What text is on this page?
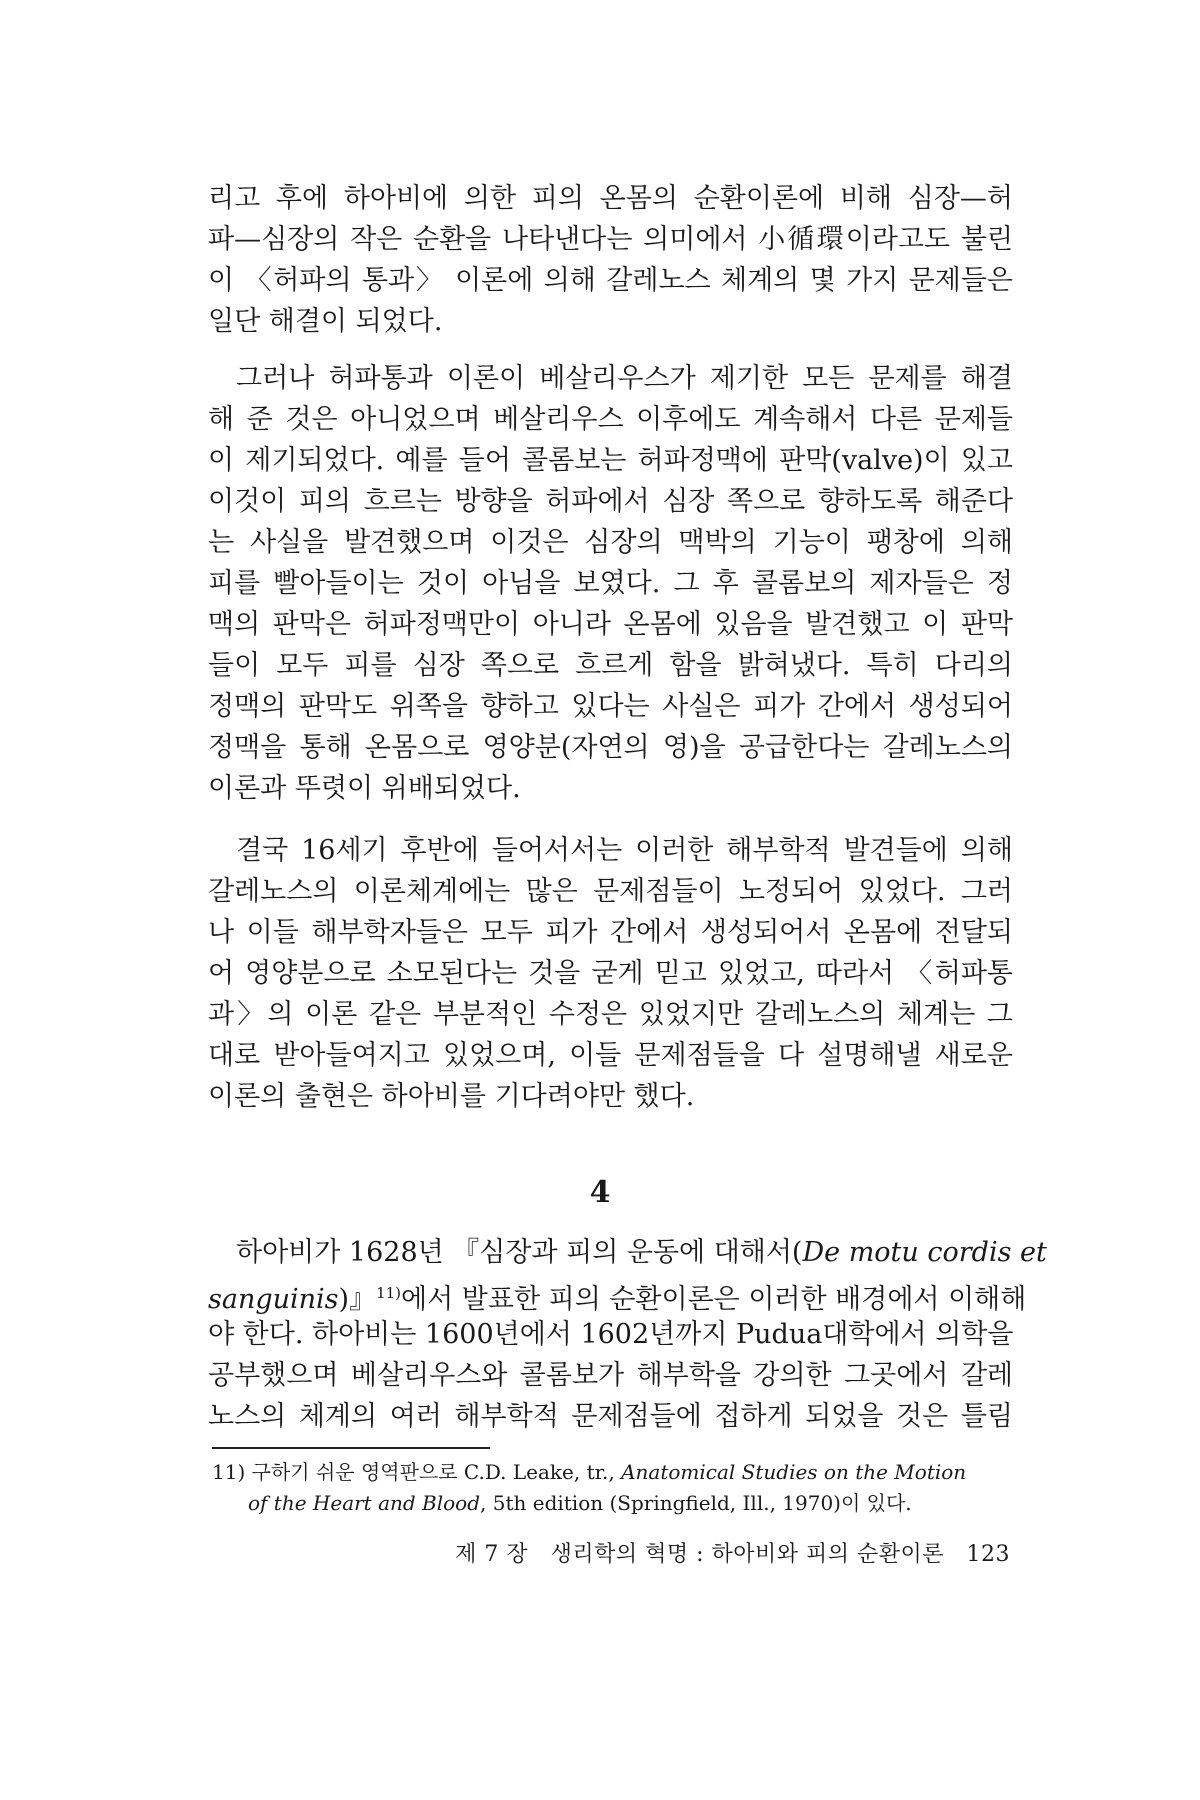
리고 후에 하아비에 의한 피의 온몸의 순환이론에 비해 심장—허
파—심장의 작은 순환을 나타낸다는 의미에서 小循環이라고도 불린
이 〈허파의 통과〉 이론에 의해 갈레노스 체계의 몇 가지 문제들은
일단 해결이 되었다.
그러나 허파통과 이론이 베살리우스가 제기한 모든 문제를 해결
해 준 것은 아니었으며 베살리우스 이후에도 계속해서 다른 문제들
이 제기되었다. 예를 들어 콜롬보는 허파정맥에 판막(valve)이 있고
이것이 피의 흐르는 방향을 허파에서 심장 쪽으로 향하도록 해준다
는 사실을 발견했으며 이것은 심장의 맥박의 기능이 팽창에 의해
피를 빨아들이는 것이 아님을 보였다. 그 후 콜롬보의 제자들은 정
맥의 판막은 허파정맥만이 아니라 온몸에 있음을 발견했고 이 판막
들이 모두 피를 심장 쪽으로 흐르게 함을 밝혀냈다. 특히 다리의
정맥의 판막도 위쪽을 향하고 있다는 사실은 피가 간에서 생성되어
정맥을 통해 온몸으로 영양분(자연의 영)을 공급한다는 갈레노스의
이론과 뚜렷이 위배되었다.
결국 16세기 후반에 들어서서는 이러한 해부학적 발견들에 의해
갈레노스의 이론체계에는 많은 문제점들이 노정되어 있었다. 그러
나 이들 해부학자들은 모두 피가 간에서 생성되어서 온몸에 전달되
어 영양분으로 소모된다는 것을 굳게 믿고 있었고, 따라서 〈허파통
과〉의 이론 같은 부분적인 수정은 있었지만 갈레노스의 체계는 그
대로 받아들여지고 있었으며, 이들 문제점들을 다 설명해낼 새로운
이론의 출현은 하아비를 기다려야만 했다.
4
하아비가 1628년 『심장과 피의 운동에 대해서(De motu cordis et
sanguinis)』$^{11)}$에서 발표한 피의 순환이론은 이러한 배경에서 이해해
야 한다. 하아비는 1600년에서 1602년까지 Pudua대학에서 의학을
공부했으며 베살리우스와 콜롬보가 해부학을 강의한 그곳에서 갈레
노스의 체계의 여러 해부학적 문제점들에 접하게 되었을 것은 틀림
11) 구하기 쉬운 영역판으로 C.D. Leake, tr., Anatomical Studies on the Motion
of the Heart and Blood, 5th edition (Springfield, Ill., 1970)이 있다.
제 7 장 생리학의 혁명 : 하아비와 피의 순환이론 123
